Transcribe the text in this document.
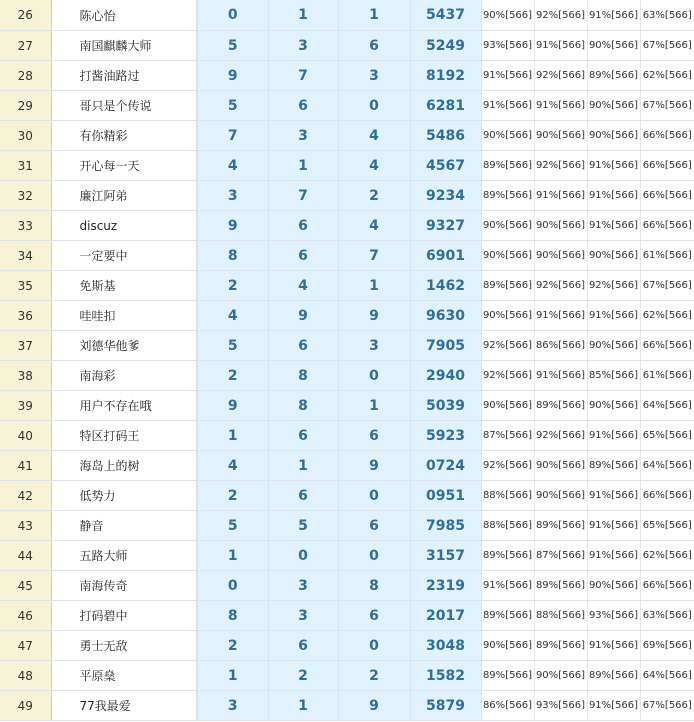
26	陈心怡	0	1	1	5437	90%[566]	92%[566]	91%[566]	63%[566]
27	南国麒麟大师	5	3	6	5249	93%[566]	91%[566]	90%[566]	67%[566]
28	打酱油路过	9	7	3	8192	91%[566]	92%[566]	89%[566]	62%[566]
29	哥只是个传说	5	6	0	6281	91%[566]	91%[566]	90%[566]	67%[566]
30	有你精彩	7	3	4	5486	90%[566]	90%[566]	90%[566]	66%[566]
31	开心每一天	4	1	4	4567	89%[566]	92%[566]	91%[566]	66%[566]
32	廉江阿弟	3	7	2	9234	89%[566]	91%[566]	91%[566]	66%[566]
33	discuz	9	6	4	9327	90%[566]	90%[566]	91%[566]	66%[566]
34	一定要中	8	6	7	6901	90%[566]	90%[566]	90%[566]	61%[566]
35	免斯基	2	4	1	1462	89%[566]	92%[566]	92%[566]	67%[566]
36	哇哇扣	4	9	9	9630	90%[566]	91%[566]	91%[566]	62%[566]
37	刘德华他爹	5	6	3	7905	92%[566]	86%[566]	90%[566]	66%[566]
38	南海彩	2	8	0	2940	92%[566]	91%[566]	85%[566]	61%[566]
39	用户不存在哦	9	8	1	5039	90%[566]	89%[566]	90%[566]	64%[566]
40	特区打码王	1	6	6	5923	87%[566]	92%[566]	91%[566]	65%[566]
41	海岛上的树	4	1	9	0724	92%[566]	90%[566]	89%[566]	64%[566]
42	低势力	2	6	0	0951	88%[566]	90%[566]	91%[566]	66%[566]
43	静音	5	5	6	7985	88%[566]	89%[566]	91%[566]	65%[566]
44	五路大师	1	0	0	3157	89%[566]	87%[566]	91%[566]	62%[566]
45	南海传奇	0	3	8	2319	91%[566]	89%[566]	90%[566]	66%[566]
46	打码碧中	8	3	6	2017	89%[566]	88%[566]	93%[566]	63%[566]
47	勇士无敌	2	6	0	3048	90%[566]	89%[566]	91%[566]	69%[566]
48	平原燊	1	2	2	1582	89%[566]	90%[566]	89%[566]	64%[566]
49	77我最爱	3	1	9	5879	86%[566]	93%[566]	91%[566]	67%[566]
